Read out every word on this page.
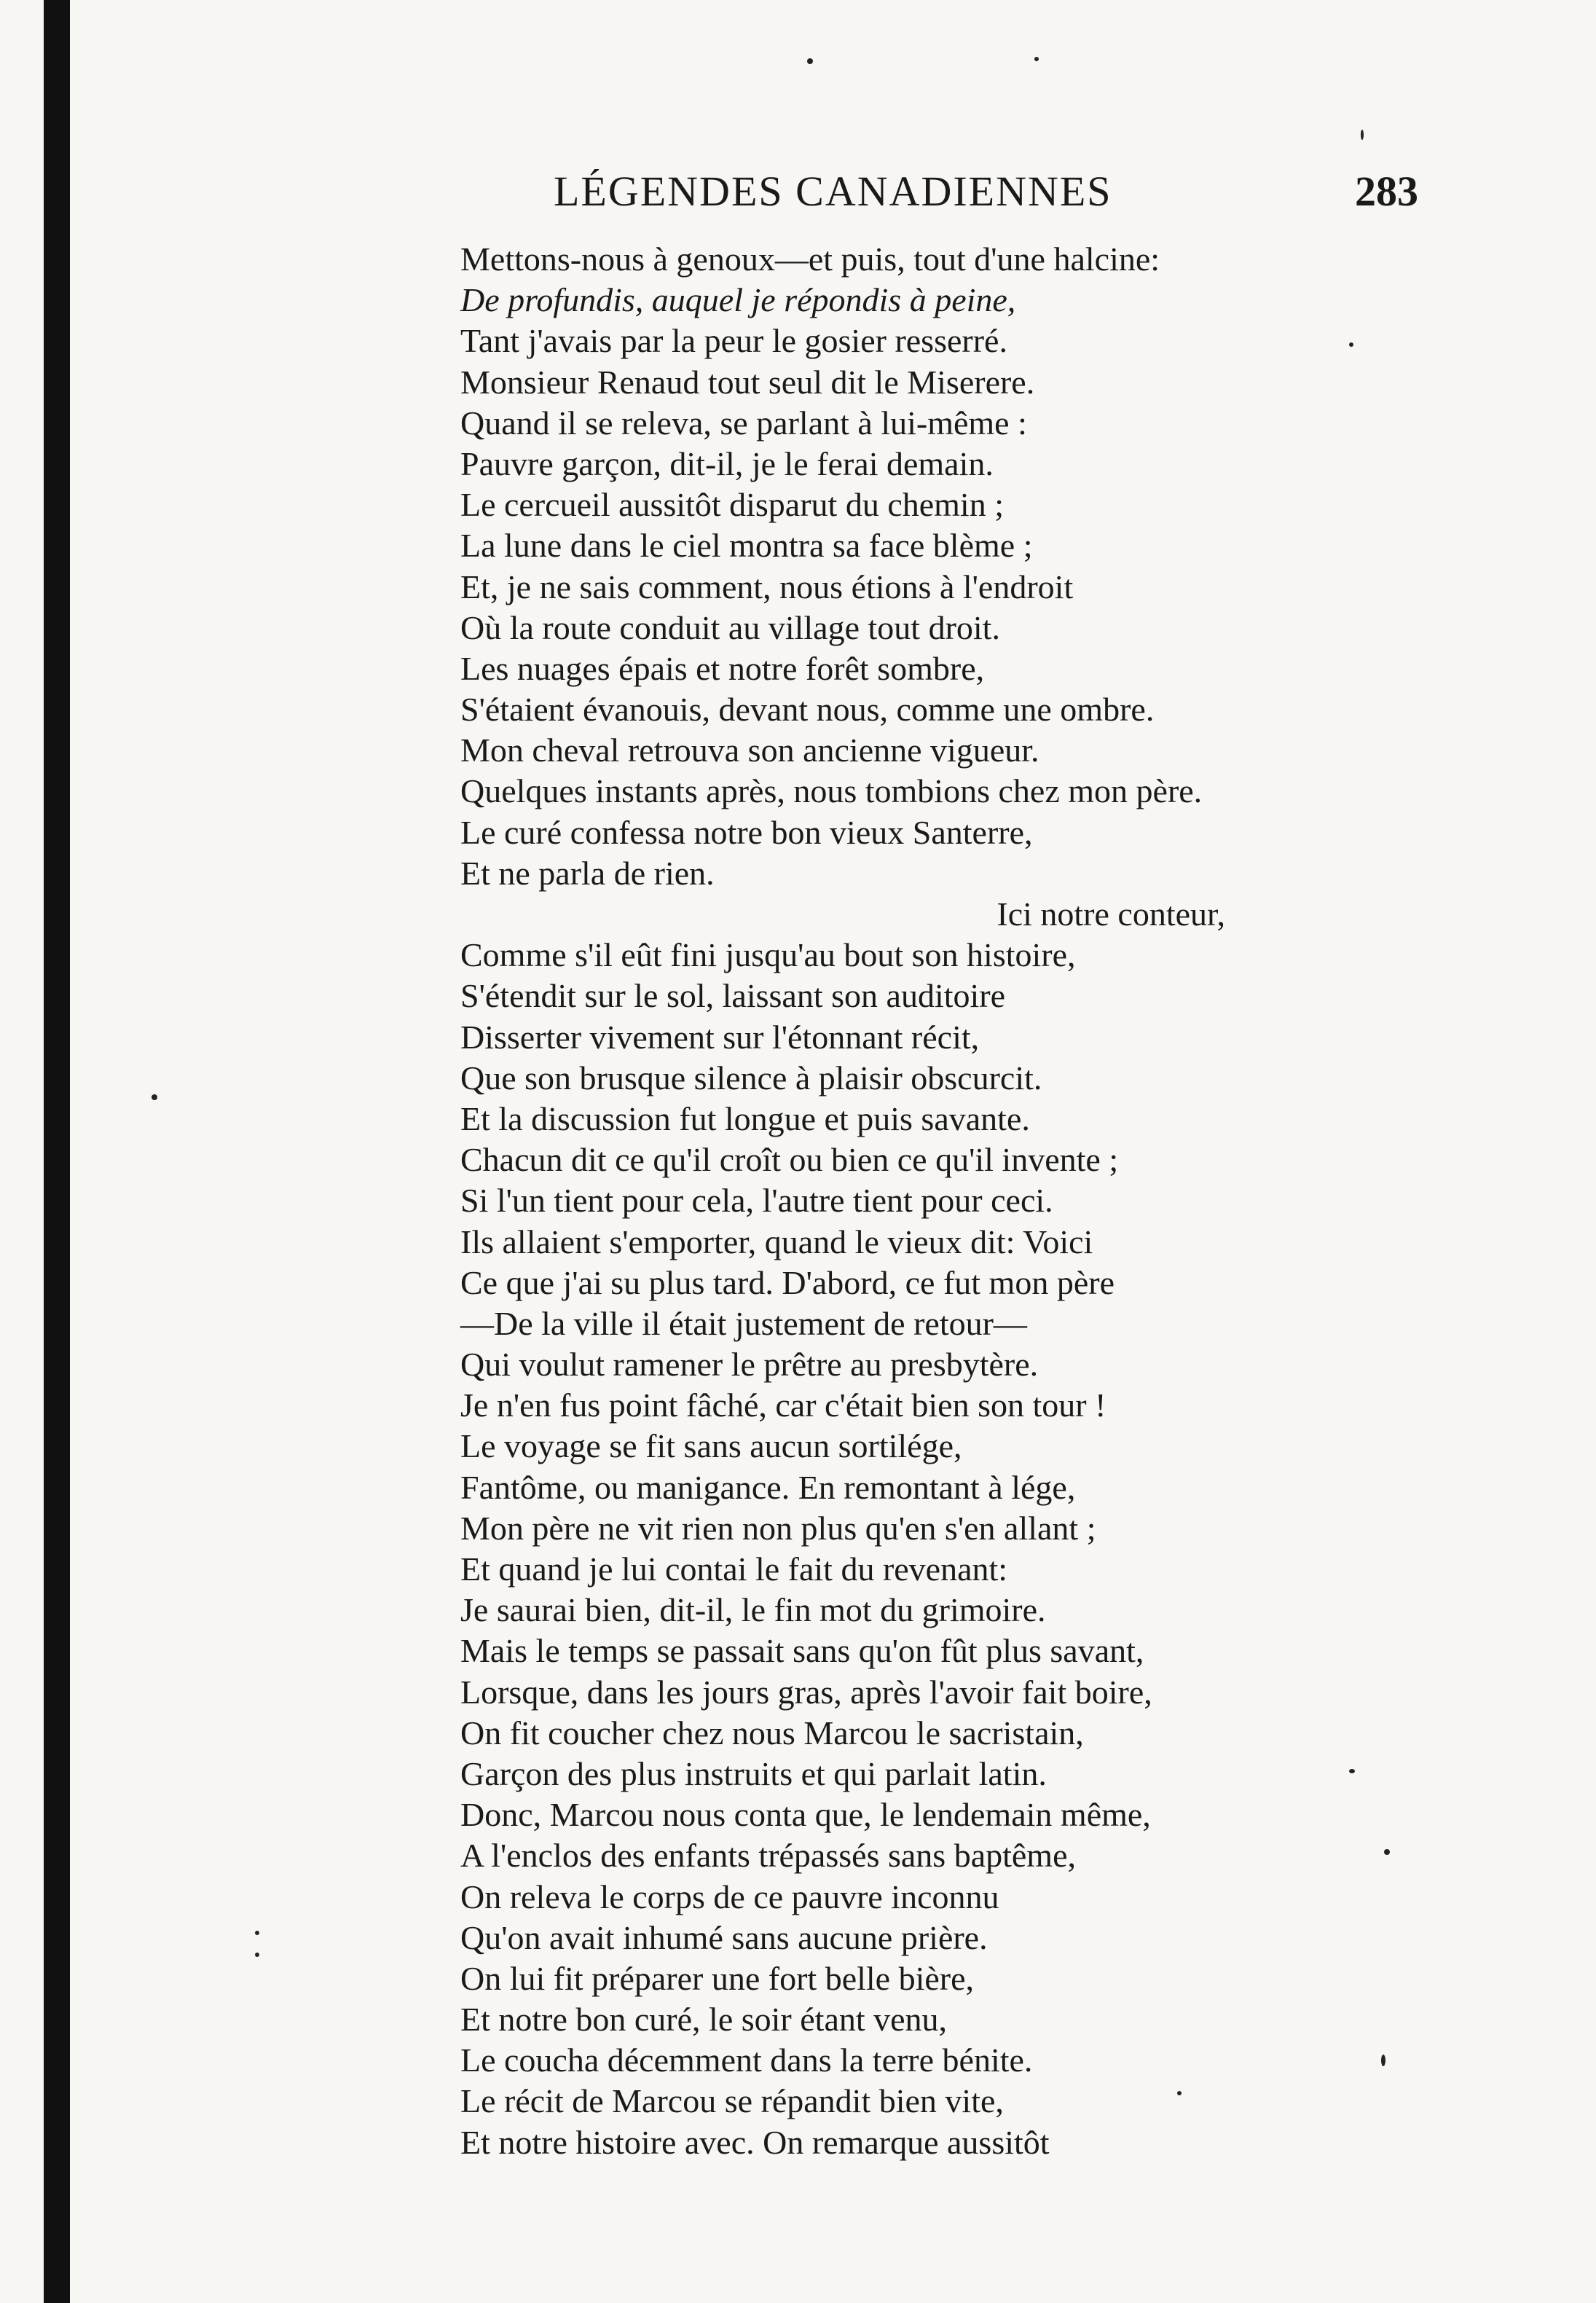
LÉGENDES CANADIENNES	283
Mettons-nous à genoux—et puis, tout d'une halcine:
De profundis, auquel je répondis à peine,
Tant j'avais par la peur le gosier resserré.
Monsieur Renaud tout seul dit le Miserere.
Quand il se releva, se parlant à lui-même :
Pauvre garçon, dit-il, je le ferai demain.
Le cercueil aussitôt disparut du chemin ;
La lune dans le ciel montra sa face blème ;
Et, je ne sais comment, nous étions à l'endroit
Où la route conduit au village tout droit.
Les nuages épais et notre forêt sombre,
S'étaient évanouis, devant nous, comme une ombre.
Mon cheval retrouva son ancienne vigueur.
Quelques instants après, nous tombions chez mon père.
Le curé confessa notre bon vieux Santerre,
Et ne parla de rien.
Ici notre conteur,
Comme s'il eût fini jusqu'au bout son histoire,
S'étendit sur le sol, laissant son auditoire
Disserter vivement sur l'étonnant récit,
Que son brusque silence à plaisir obscurcit.
Et la discussion fut longue et puis savante.
Chacun dit ce qu'il croît ou bien ce qu'il invente ;
Si l'un tient pour cela, l'autre tient pour ceci.
Ils allaient s'emporter, quand le vieux dit: Voici
Ce que j'ai su plus tard. D'abord, ce fut mon père
—De la ville il était justement de retour—
Qui voulut ramener le prêtre au presbytère.
Je n'en fus point fâché, car c'était bien son tour !
Le voyage se fit sans aucun sortilége,
Fantôme, ou manigance. En remontant à lége,
Mon père ne vit rien non plus qu'en s'en allant ;
Et quand je lui contai le fait du revenant:
Je saurai bien, dit-il, le fin mot du grimoire.
Mais le temps se passait sans qu'on fût plus savant,
Lorsque, dans les jours gras, après l'avoir fait boire,
On fit coucher chez nous Marcou le sacristain,
Garçon des plus instruits et qui parlait latin.
Donc, Marcou nous conta que, le lendemain même,
A l'enclos des enfants trépassés sans baptême,
On releva le corps de ce pauvre inconnu
Qu'on avait inhumé sans aucune prière.
On lui fit préparer une fort belle bière,
Et notre bon curé, le soir étant venu,
Le coucha décemment dans la terre bénite.
Le récit de Marcou se répandit bien vite,
Et notre histoire avec. On remarque aussitôt
